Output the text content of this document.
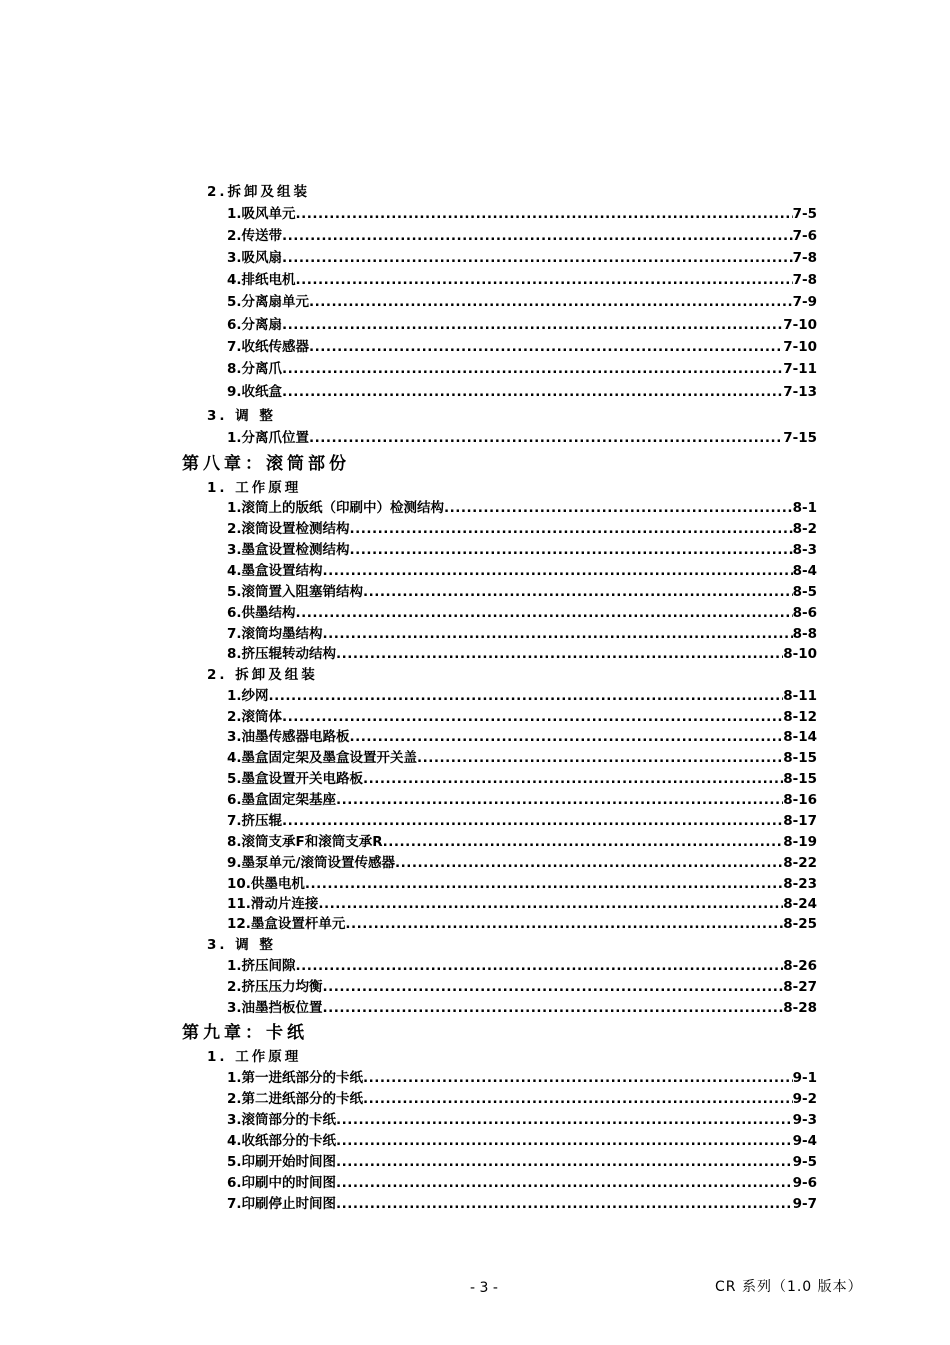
2.拆卸及组装
1.吸风单元 .....	7-5
2.传送带 .....	7-6
3.吸风扇 .....	7-8
4.排纸电机 .....	7-8
5.分离扇单元 .....	7-9
6.分离扇 .....	7-10
7.收纸传感器 .....	7-10
8.分离爪 .....	7-11
9.收纸盒 .....	7-13
3. 调 整
1.分离爪位置 .....	7-15
第八章：滚筒部份
1. 工作原理
1.滚筒上的版纸（印刷中）检测结构 .....	8-1
2.滚筒设置检测结构 .....	8-2
3.墨盒设置检测结构 .....	8-3
4.墨盒设置结构 .....	8-4
5.滚筒置入阻塞销结构 .....	8-5
6.供墨结构 .....	8-6
7.滚筒均墨结构 .....	8-8
8.挤压辊转动结构 .....	8-10
2. 拆卸及组装
1.纱网 .....	8-11
2.滚筒体 .....	8-12
3.油墨传感器电路板 .....	8-14
4.墨盒固定架及墨盒设置开关盖 .....	8-15
5.墨盒设置开关电路板 .....	8-15
6.墨盒固定架基座 .....	8-16
7.挤压辊 .....	8-17
8.滚筒支承F和滚筒支承R .....	8-19
9.墨泵单元/滚筒设置传感器 .....	8-22
10.供墨电机 .....	8-23
11.滑动片连接 .....	8-24
12.墨盒设置杆单元 .....	8-25
3. 调 整
1.挤压间隙 .....	8-26
2.挤压压力均衡 .....	8-27
3.油墨挡板位置 .....	8-28
第九章：卡纸
1. 工作原理
1.第一进纸部分的卡纸 .....	9-1
2.第二进纸部分的卡纸 .....	9-2
3.滚筒部分的卡纸 .....	9-3
4.收纸部分的卡纸 .....	9-4
5.印刷开始时间图 .....	9-5
6.印刷中的时间图 .....	9-6
7.印刷停止时间图 .....	9-7
- 3 -	CR 系列（1.0 版本）
